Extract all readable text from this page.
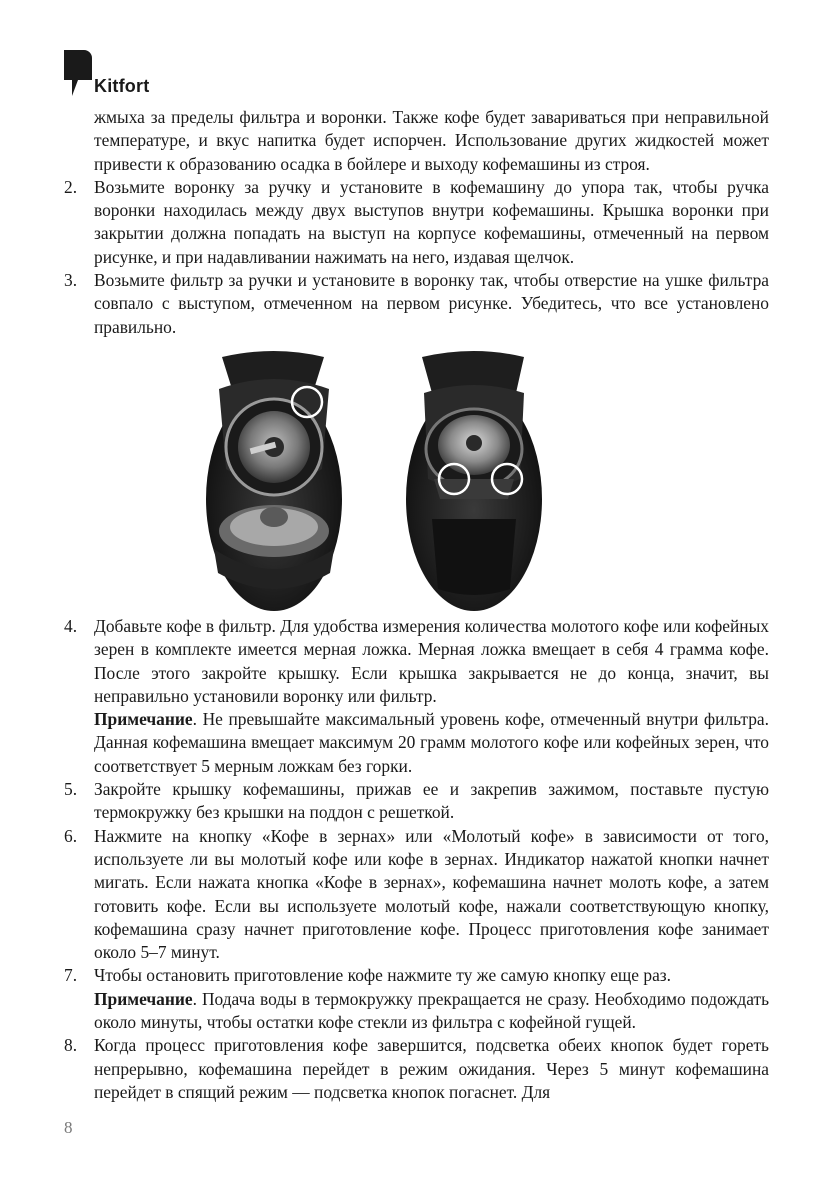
Kitfort

жмыха за пределы фильтра и воронки. Также кофе будет завариваться при неправильной температуре, и вкус напитка будет испорчен. Использование других жидкостей может привести к образованию осадка в бойлере и выходу кофемашины из строя.

2. Возьмите воронку за ручку и установите в кофемашину до упора так, чтобы ручка воронки находилась между двух выступов внутри кофемашины. Крышка воронки при закрытии должна попадать на выступ на корпусе кофемашины, отмеченный на первом рисунке, и при надавливании нажимать на него, издавая щелчок.
3. Возьмите фильтр за ручки и установите в воронку так, чтобы отверстие на ушке фильтра совпало с выступом, отмеченном на первом рисунке. Убедитесь, что все установлено правильно.
4. Добавьте кофе в фильтр. Для удобства измерения количества молотого кофе или кофейных зерен в комплекте имеется мерная ложка. Мерная ложка вмещает в себя 4 грамма кофе. После этого закройте крышку. Если крышка закрывается не до конца, значит, вы неправильно установили воронку или фильтр.

Примечание. Не превышайте максимальный уровень кофе, отмеченный внутри фильтра. Данная кофемашина вмещает максимум 20 грамм молотого кофе или кофейных зерен, что соответствует 5 мерным ложкам без горки.

5. Закройте крышку кофемашины, прижав ее и закрепив зажимом, поставьте пустую термокружку без крышки на поддон с решеткой.
6. Нажмите на кнопку «Кофе в зернах» или «Молотый кофе» в зависимости от того, используете ли вы молотый кофе или кофе в зернах. Индикатор нажатой кнопки начнет мигать. Если нажата кнопка «Кофе в зернах», кофемашина начнет молоть кофе, а затем готовить кофе. Если вы используете молотый кофе, нажали соответствующую кнопку, кофемашина сразу начнет приготовление кофе. Процесс приготовления кофе занимает около 5–7 минут.
7. Чтобы остановить приготовление кофе нажмите ту же самую кнопку еще раз.

Примечание. Подача воды в термокружку прекращается не сразу. Необходимо подождать около минуты, чтобы остатки кофе стекли из фильтра с кофейной гущей.

8. Когда процесс приготовления кофе завершится, подсветка обеих кнопок будет гореть непрерывно, кофемашина перейдет в режим ожидания. Через 5 минут кофемашина перейдет в спящий режим — подсветка кнопок погаснет. Для
8
